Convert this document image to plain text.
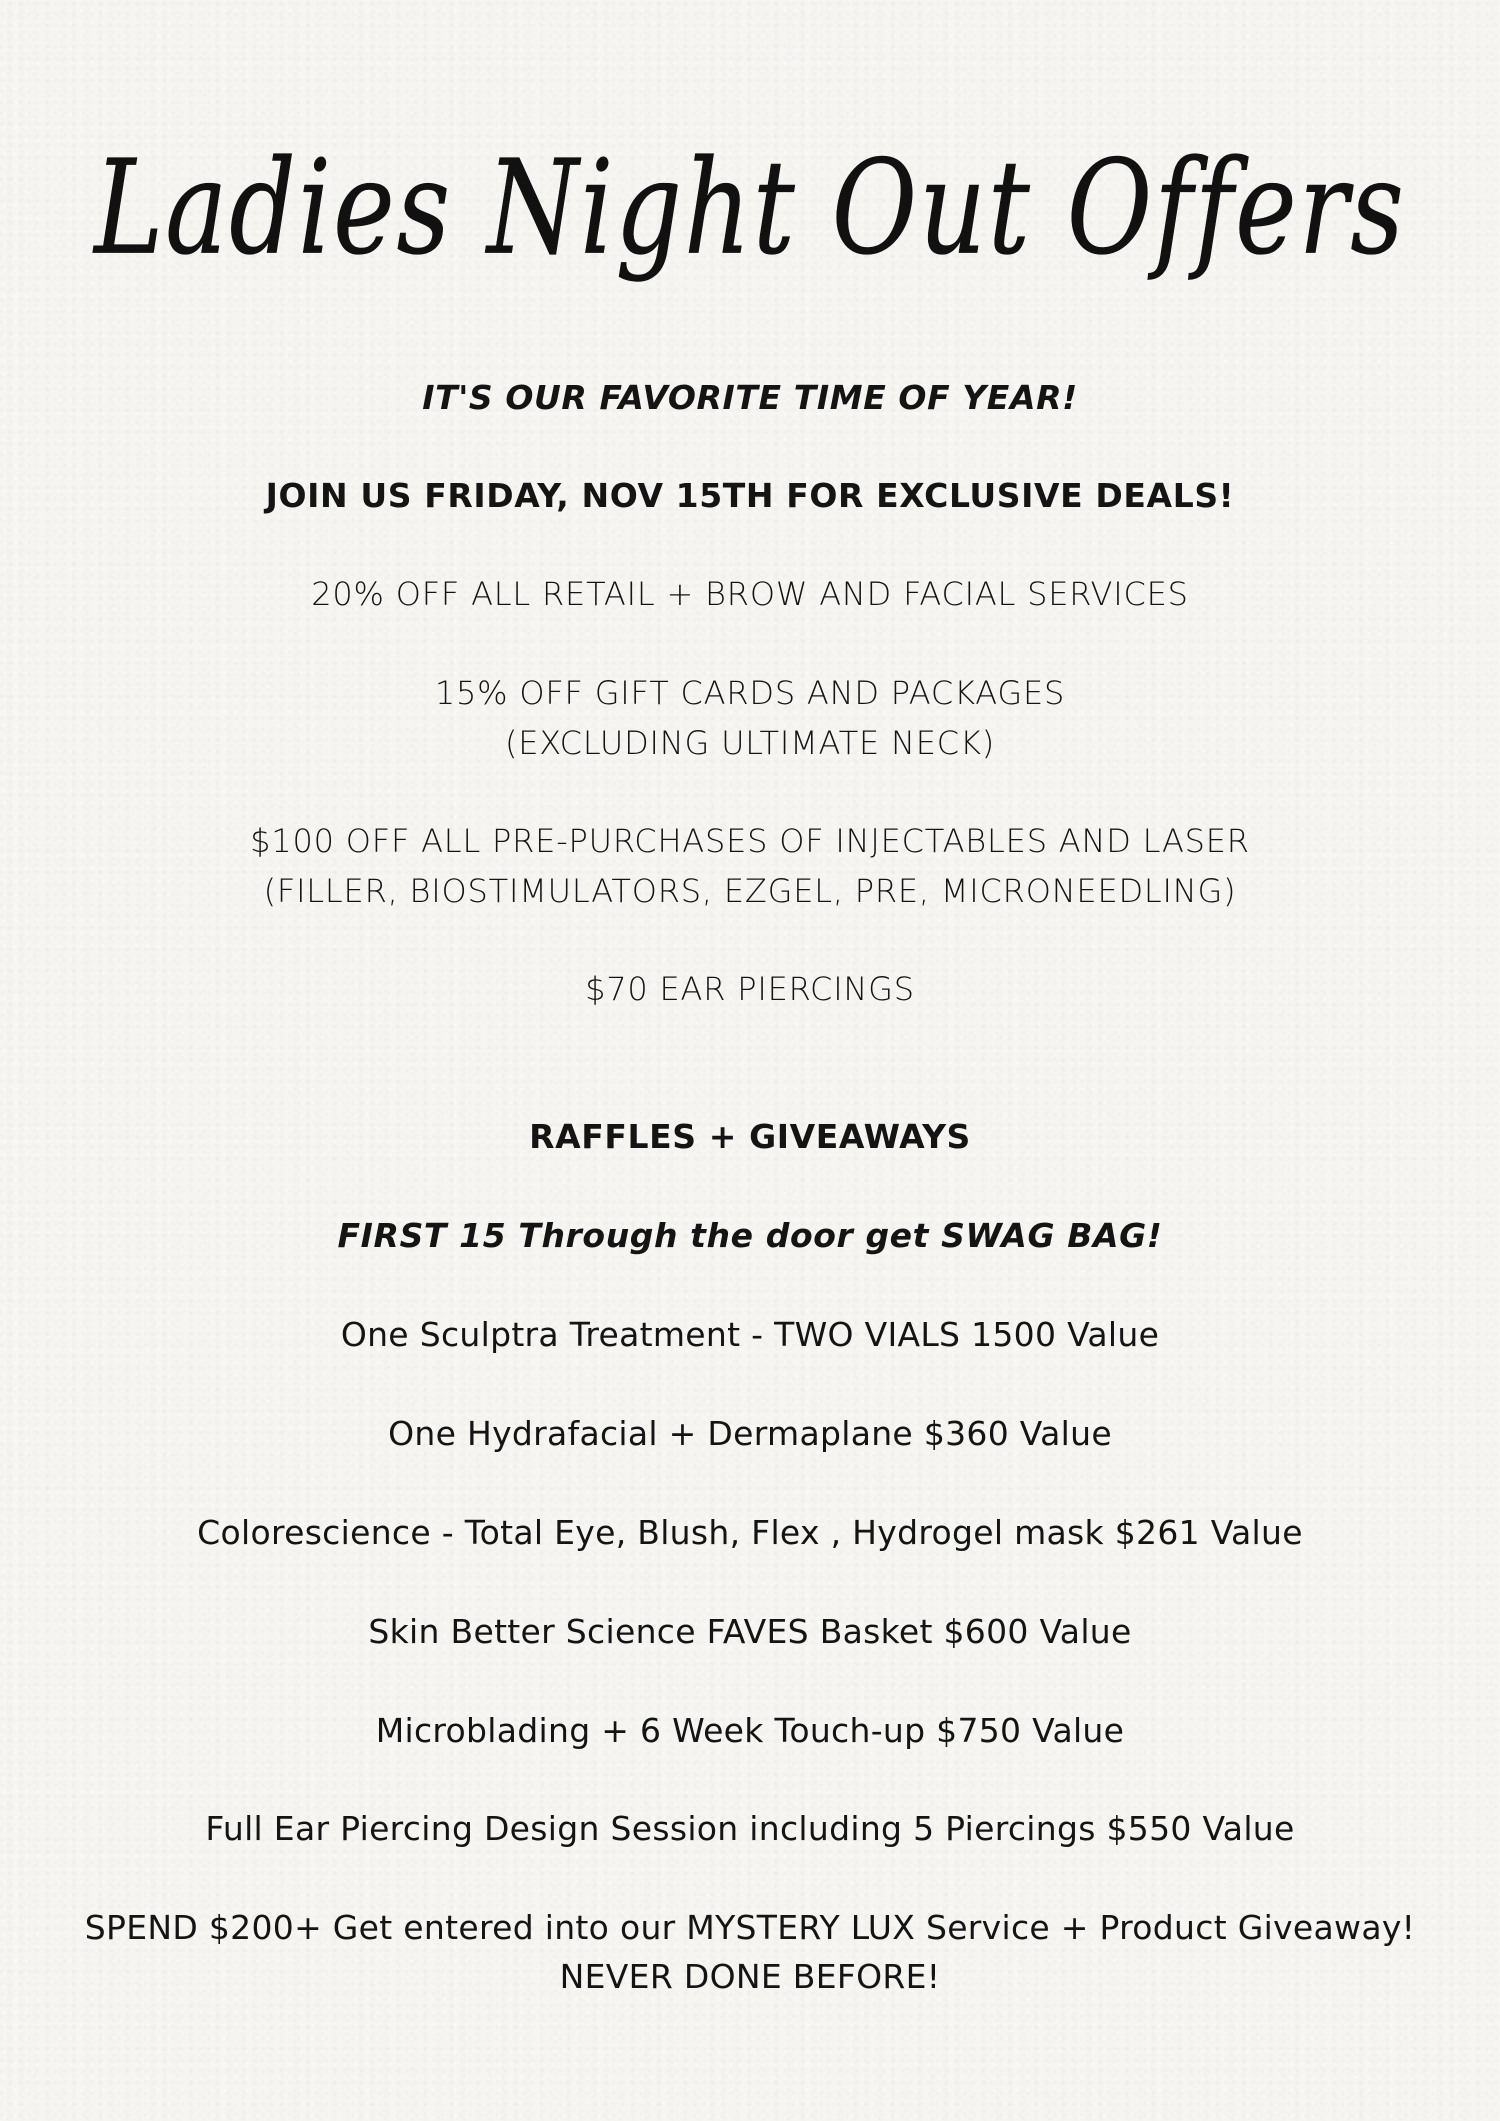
Ladies Night Out Offers
IT'S OUR FAVORITE TIME OF YEAR!
JOIN US FRIDAY, NOV 15TH FOR EXCLUSIVE DEALS!
20% OFF ALL RETAIL + BROW AND FACIAL SERVICES
15% OFF GIFT CARDS AND PACKAGES
(EXCLUDING ULTIMATE NECK)
$100 OFF ALL PRE-PURCHASES OF INJECTABLES AND LASER
(FILLER, BIOSTIMULATORS, EZGEL, PRE, MICRONEEDLING)
$70 EAR PIERCINGS
RAFFLES + GIVEAWAYS
FIRST 15 Through the door get SWAG BAG!
One Sculptra Treatment - TWO VIALS 1500 Value
One Hydrafacial + Dermaplane $360 Value
Colorescience - Total Eye, Blush, Flex , Hydrogel mask $261 Value
Skin Better Science FAVES Basket $600 Value
Microblading + 6 Week Touch-up $750 Value
Full Ear Piercing Design Session including 5 Piercings $550 Value
SPEND $200+ Get entered into our MYSTERY LUX Service + Product Giveaway!
NEVER DONE BEFORE!
